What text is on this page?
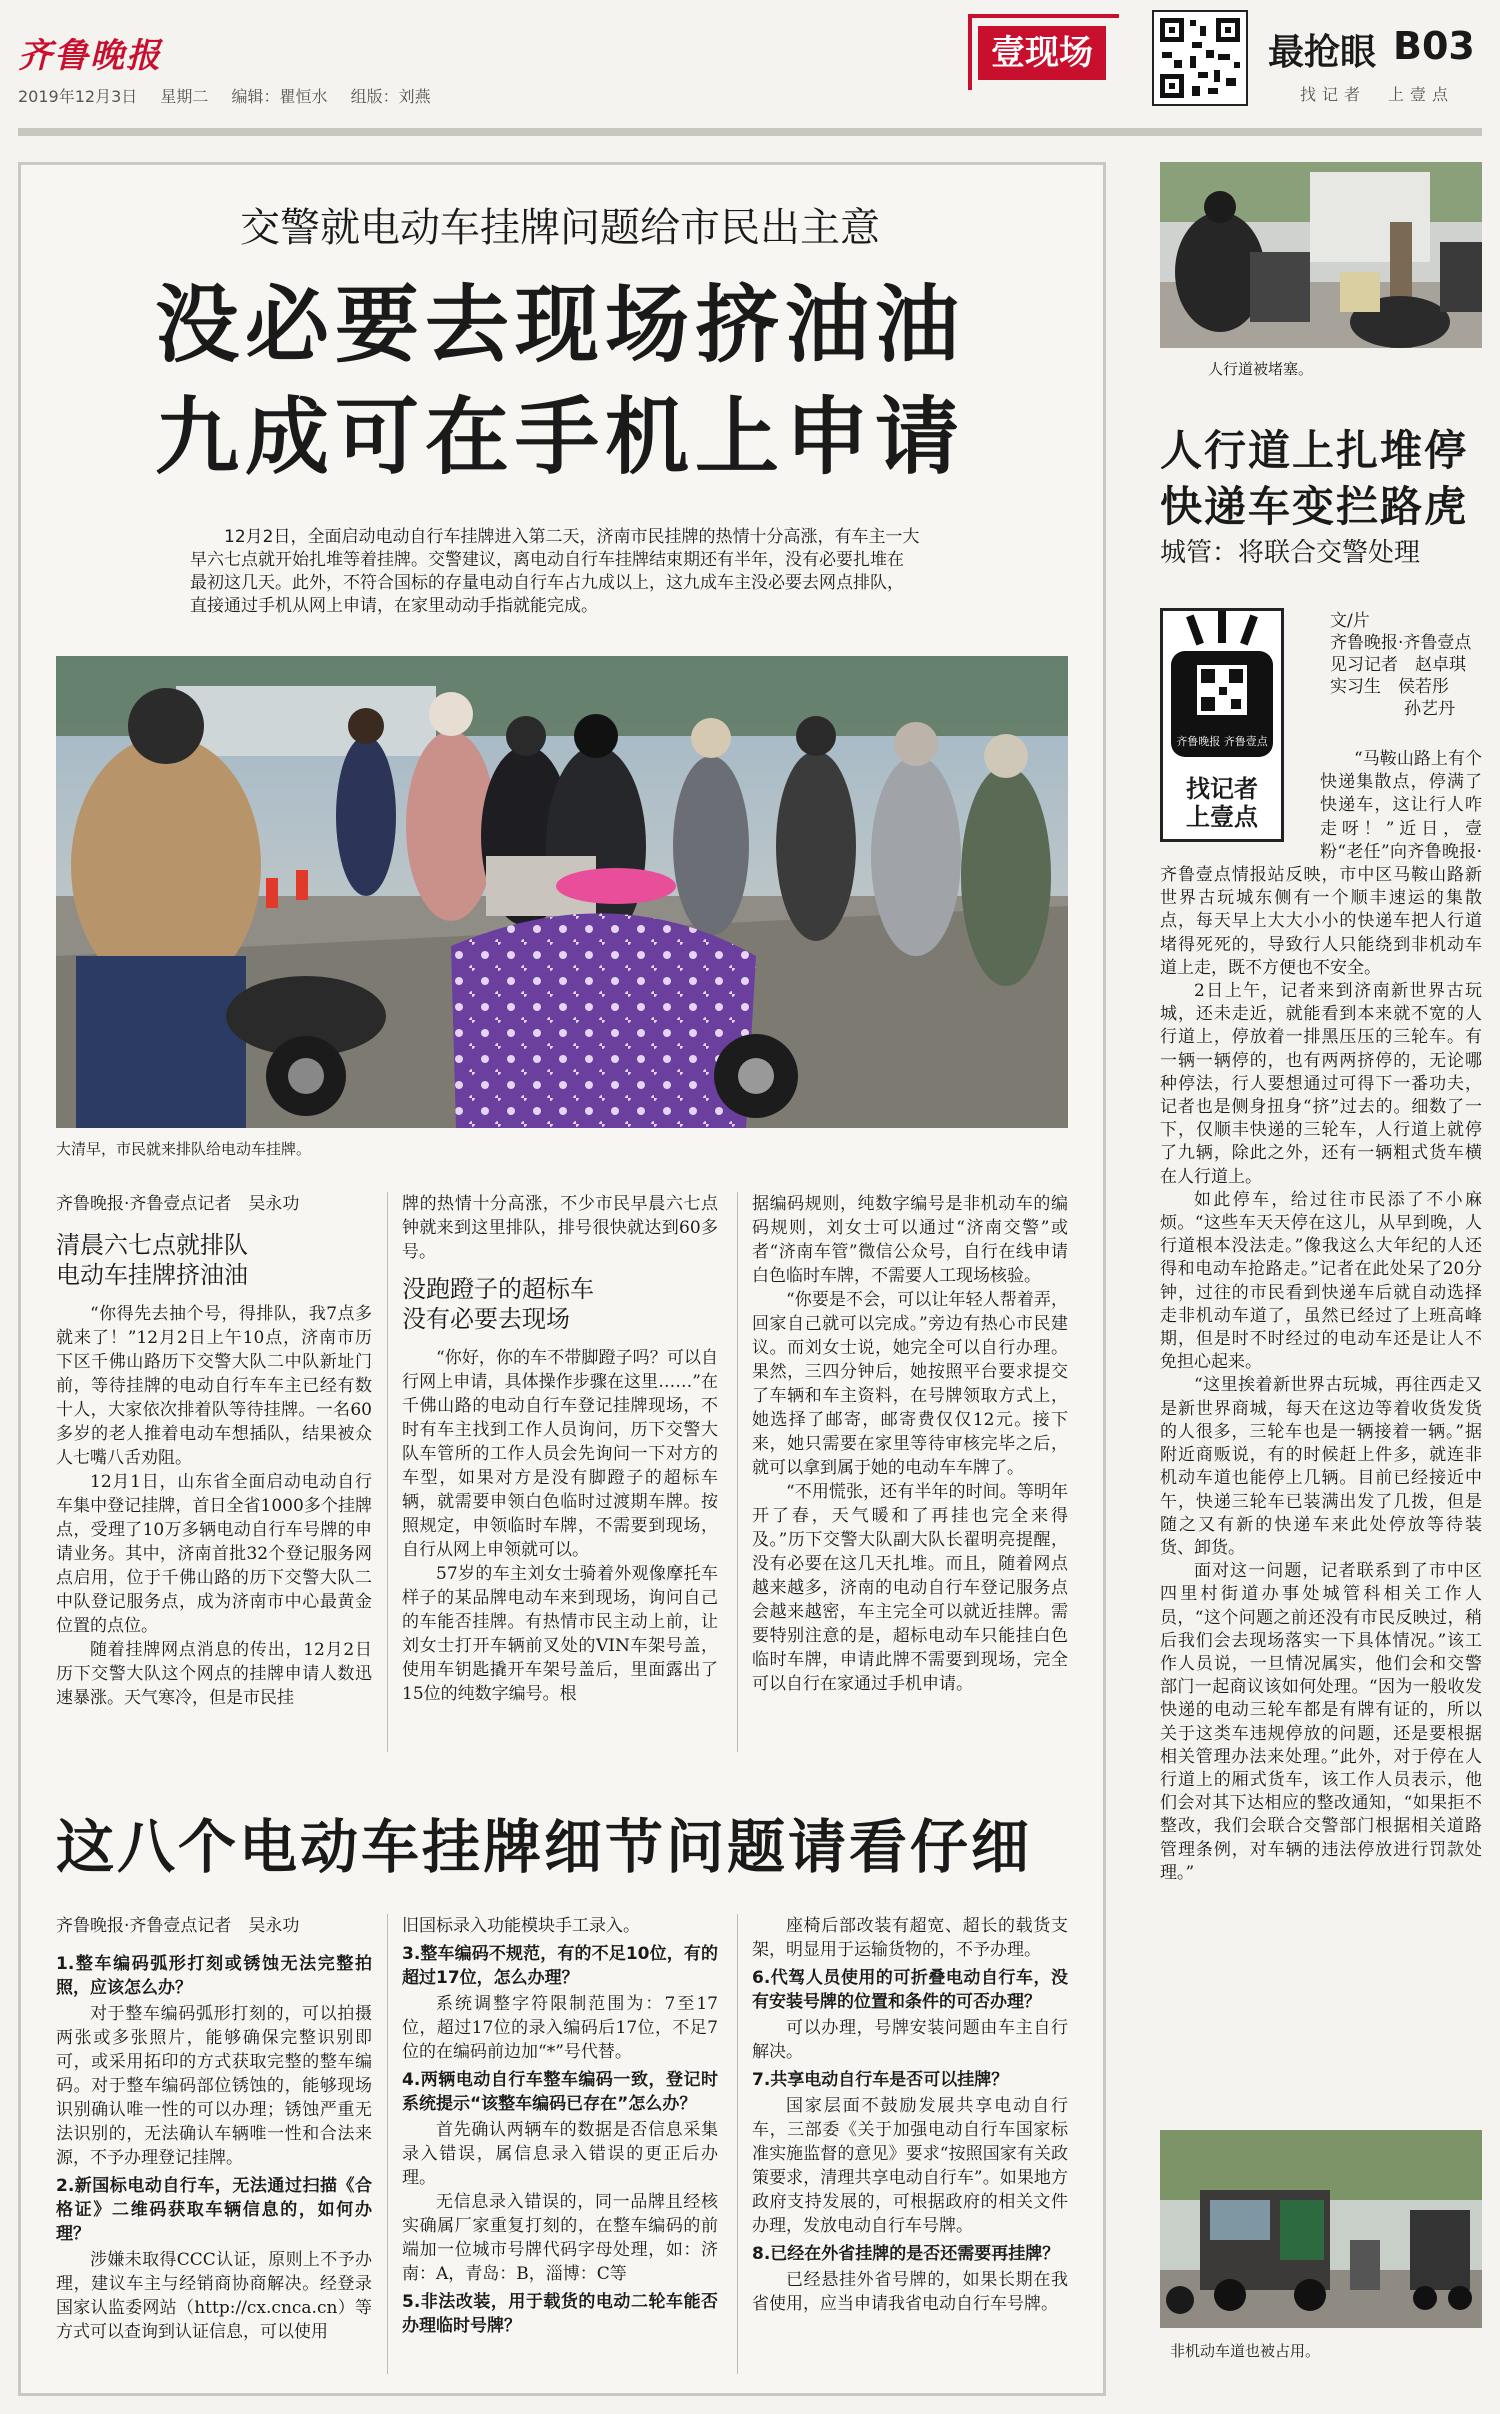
齐鲁晚报
2019年12月3日 星期二 编辑：瞿恒水 组版：刘燕
壹现场	最抢眼 B03
找记者　上壹点
交警就电动车挂牌问题给市民出主意
没必要去现场挤油油
九成可在手机上申请
12月2日，全面启动电动自行车挂牌进入第二天，济南市民挂牌的热情十分高涨，有车主一大早六七点就开始扎堆等着挂牌。交警建议，离电动自行车挂牌结束期还有半年，没有必要扎堆在最初这几天。此外，不符合国标的存量电动自行车占九成以上，这九成车主没必要去网点排队，直接通过手机从网上申请，在家里动动手指就能完成。
大清早，市民就来排队给电动车挂牌。
齐鲁晚报·齐鲁壹点记者　吴永功
清晨六七点就排队
电动车挂牌挤油油

“你得先去抽个号，得排队，我7点多就来了！”12月2日上午10点，济南市历下区千佛山路历下交警大队二中队新址门前，等待挂牌的电动自行车车主已经有数十人，大家依次排着队等待挂牌。一名60多岁的老人推着电动车想插队，结果被众人七嘴八舌劝阻。

12月1日，山东省全面启动电动自行车集中登记挂牌，首日全省1000多个挂牌点，受理了10万多辆电动自行车号牌的申请业务。其中，济南首批32个登记服务网点启用，位于千佛山路的历下交警大队二中队登记服务点，成为济南市中心最黄金位置的点位。

随着挂牌网点消息的传出，12月2日历下交警大队这个网点的挂牌申请人数迅速暴涨。天气寒冷，但是市民挂

牌的热情十分高涨，不少市民早晨六七点钟就来到这里排队，排号很快就达到60多号。

没跑蹬子的超标车
没有必要去现场

“你好，你的车不带脚蹬子吗？可以自行网上申请，具体操作步骤在这里……”在千佛山路的电动自行车登记挂牌现场，不时有车主找到工作人员询问，历下交警大队车管所的工作人员会先询问一下对方的车型，如果对方是没有脚蹬子的超标车辆，就需要申领白色临时过渡期车牌。按照规定，申领临时车牌，不需要到现场，自行从网上申领就可以。

57岁的车主刘女士骑着外观像摩托车样子的某品牌电动车来到现场，询问自己的车能否挂牌。有热情市民主动上前，让刘女士打开车辆前叉处的VIN车架号盖，使用车钥匙撬开车架号盖后，里面露出了15位的纯数字编号。根

据编码规则，纯数字编号是非机动车的编码规则，刘女士可以通过“济南交警”或者“济南车管”微信公众号，自行在线申请白色临时车牌，不需要人工现场核验。

“你要是不会，可以让年轻人帮着弄，回家自己就可以完成。”旁边有热心市民建议。而刘女士说，她完全可以自行办理。果然，三四分钟后，她按照平台要求提交了车辆和车主资料，在号牌领取方式上，她选择了邮寄，邮寄费仅仅12元。接下来，她只需要在家里等待审核完毕之后，就可以拿到属于她的电动车车牌了。

“不用慌张，还有半年的时间。等明年开了春，天气暖和了再挂也完全来得及。”历下交警大队副大队长翟明亮提醒，没有必要在这几天扎堆。而且，随着网点越来越多，济南的电动自行车登记服务点会越来越密，车主完全可以就近挂牌。需要特别注意的是，超标电动车只能挂白色临时车牌，申请此牌不需要到现场，完全可以自行在家通过手机申请。

这八个电动车挂牌细节问题请看仔细
齐鲁晚报·齐鲁壹点记者　吴永功
1.整车编码弧形打刻或锈蚀无法完整拍照，应该怎么办？

对于整车编码弧形打刻的，可以拍摄两张或多张照片，能够确保完整识别即可，或采用拓印的方式获取完整的整车编码。对于整车编码部位锈蚀的，能够现场识别确认唯一性的可以办理；锈蚀严重无法识别的，无法确认车辆唯一性和合法来源，不予办理登记挂牌。

2.新国标电动自行车，无法通过扫描《合格证》二维码获取车辆信息的，如何办理？

涉嫌未取得CCC认证，原则上不予办理，建议车主与经销商协商解决。经登录国家认监委网站（http://cx.cnca.cn）等方式可以查询到认证信息，可以使用

旧国标录入功能模块手工录入。

3.整车编码不规范，有的不足10位，有的超过17位，怎么办理？

系统调整字符限制范围为：7至17位，超过17位的录入编码后17位，不足7位的在编码前边加“*”号代替。

4.两辆电动自行车整车编码一致，登记时系统提示“该整车编码已存在”怎么办？

首先确认两辆车的数据是否信息采集录入错误，属信息录入错误的更正后办理。

无信息录入错误的，同一品牌且经核实确属厂家重复打刻的，在整车编码的前端加一位城市号牌代码字母处理，如：济南：A，青岛：B，淄博：C等

5.非法改装，用于载货的电动二轮车能否办理临时号牌？

座椅后部改装有超宽、超长的载货支架，明显用于运输货物的，不予办理。

6.代驾人员使用的可折叠电动自行车，没有安装号牌的位置和条件的可否办理？

可以办理，号牌安装问题由车主自行解决。

7.共享电动自行车是否可以挂牌？

国家层面不鼓励发展共享电动自行车，三部委《关于加强电动自行车国家标准实施监督的意见》要求“按照国家有关政策要求，清理共享电动自行车”。如果地方政府支持发展的，可根据政府的相关文件办理，发放电动自行车号牌。

8.已经在外省挂牌的是否还需要再挂牌？

已经悬挂外省号牌的，如果长期在我省使用，应当申请我省电动自行车号牌。

人行道被堵塞。
人行道上扎堆停
快递车变拦路虎
城管：将联合交警处理
齐鲁晚报 齐鲁壹点
找记者
上壹点
文/片
齐鲁晚报·齐鲁壹点
见习记者　赵卓琪
实习生　侯若彤
孙艺丹

“马鞍山路上有个快递集散点，停满了快递车，这让行人咋走呀！”近日，壹粉“老任”向齐鲁晚报·齐鲁壹点情报站反映，市中区马鞍山路新世界古玩城东侧有一个顺丰速运的集散点，每天早上大大小小的快递车把人行道堵得死死的，导致行人只能绕到非机动车道上走，既不方便也不安全。

2日上午，记者来到济南新世界古玩城，还未走近，就能看到本来就不宽的人行道上，停放着一排黑压压的三轮车。有一辆一辆停的，也有两两挤停的，无论哪种停法，行人要想通过可得下一番功夫，记者也是侧身扭身“挤”过去的。细数了一下，仅顺丰快递的三轮车，人行道上就停了九辆，除此之外，还有一辆粗式货车横在人行道上。

如此停车，给过往市民添了不小麻烦。“这些车天天停在这儿，从早到晚，人行道根本没法走。”像我这么大年纪的人还得和电动车抢路走。”记者在此处呆了20分钟，过往的市民看到快递车后就自动选择走非机动车道了，虽然已经过了上班高峰期，但是时不时经过的电动车还是让人不免担心起来。

“这里挨着新世界古玩城，再往西走又是新世界商城，每天在这边等着收货发货的人很多，三轮车也是一辆接着一辆。”据附近商贩说，有的时候赶上件多，就连非机动车道也能停上几辆。目前已经接近中午，快递三轮车已装满出发了几拨，但是随之又有新的快递车来此处停放等待装货、卸货。

面对这一问题，记者联系到了市中区四里村街道办事处城管科相关工作人员，“这个问题之前还没有市民反映过，稍后我们会去现场落实一下具体情况。”该工作人员说，一旦情况属实，他们会和交警部门一起商议该如何处理。“因为一般收发快递的电动三轮车都是有牌有证的，所以关于这类车违规停放的问题，还是要根据相关管理办法来处理。”此外，对于停在人行道上的厢式货车，该工作人员表示，他们会对其下达相应的整改通知，“如果拒不整改，我们会联合交警部门根据相关道路管理条例，对车辆的违法停放进行罚款处理。”

非机动车道也被占用。
